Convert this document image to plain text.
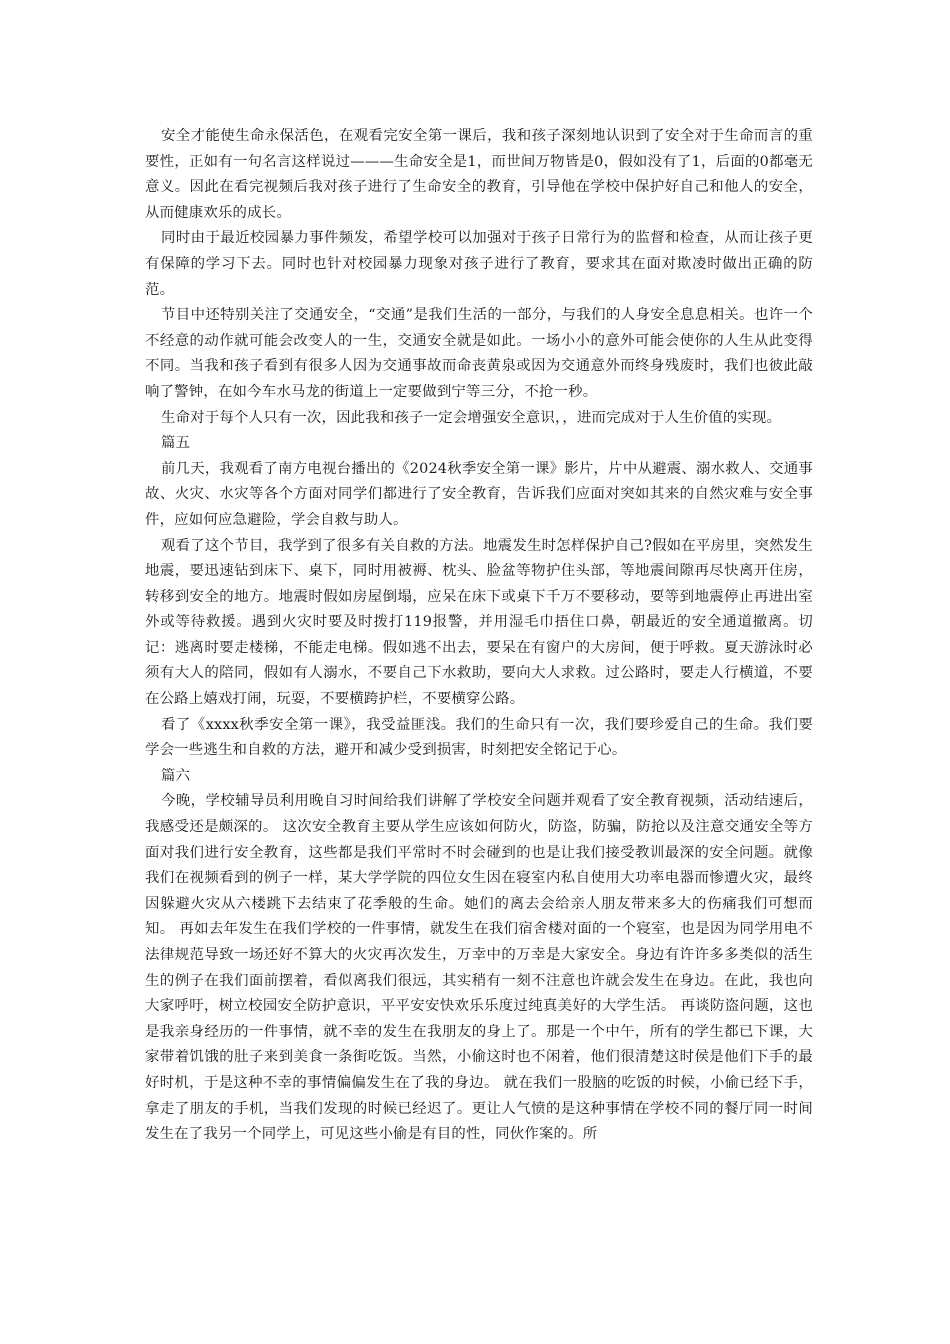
安全才能使生命永保活色，在观看完安全第一课后，我和孩子深刻地认识到了安全对于生命而言的重要性，正如有一句名言这样说过———生命安全是1，而世间万物皆是0，假如没有了1，后面的0都毫无意义。因此在看完视频后我对孩子进行了生命安全的教育，引导他在学校中保护好自己和他人的安全，从而健康欢乐的成长。

同时由于最近校园暴力事件频发，希望学校可以加强对于孩子日常行为的监督和检查，从而让孩子更有保障的学习下去。同时也针对校园暴力现象对孩子进行了教育，要求其在面对欺凌时做出正确的防范。

节目中还特别关注了交通安全，“交通”是我们生活的一部分，与我们的人身安全息息相关。也许一个不经意的动作就可能会改变人的一生，交通安全就是如此。一场小小的意外可能会使你的人生从此变得不同。当我和孩子看到有很多人因为交通事故而命丧黄泉或因为交通意外而终身残废时，我们也彼此敲响了警钟，在如今车水马龙的街道上一定要做到宁等三分，不抢一秒。

生命对于每个人只有一次，因此我和孩子一定会增强安全意识，，进而完成对于人生价值的实现。

篇五

前几天，我观看了南方电视台播出的《2024秋季安全第一课》影片，片中从避震、溺水救人、交通事故、火灾、水灾等各个方面对同学们都进行了安全教育，告诉我们应面对突如其来的自然灾难与安全事件，应如何应急避险，学会自救与助人。

观看了这个节目，我学到了很多有关自救的方法。地震发生时怎样保护自己?假如在平房里，突然发生地震，要迅速钻到床下、桌下，同时用被褥、枕头、脸盆等物护住头部，等地震间隙再尽快离开住房，转移到安全的地方。地震时假如房屋倒塌，应呆在床下或桌下千万不要移动，要等到地震停止再进出室外或等待救援。遇到火灾时要及时拨打119报警，并用湿毛巾捂住口鼻，朝最近的安全通道撤离。切记：逃离时要走楼梯，不能走电梯。假如逃不出去，要呆在有窗户的大房间，便于呼救。夏天游泳时必须有大人的陪同，假如有人溺水，不要自己下水救助，要向大人求救。过公路时，要走人行横道，不要在公路上嬉戏打闹，玩耍，不要横跨护栏，不要横穿公路。

看了《xxxx秋季安全第一课》，我受益匪浅。我们的生命只有一次，我们要珍爱自己的生命。我们要学会一些逃生和自救的方法，避开和减少受到损害，时刻把安全铭记于心。

篇六

今晚，学校辅导员利用晚自习时间给我们讲解了学校安全问题并观看了安全教育视频，活动结速后，我感受还是颇深的。 这次安全教育主要从学生应该如何防火，防盗，防骗，防抢以及注意交通安全等方面对我们进行安全教育，这些都是我们平常时不时会碰到的也是让我们接受教训最深的安全问题。就像我们在视频看到的例子一样，某大学学院的四位女生因在寝室内私自使用大功率电器而惨遭火灾，最终因躲避火灾从六楼跳下去结束了花季般的生命。她们的离去会给亲人朋友带来多大的伤痛我们可想而知。 再如去年发生在我们学校的一件事情，就发生在我们宿舍楼对面的一个寝室，也是因为同学用电不法律规范导致一场还好不算大的火灾再次发生，万幸中的万幸是大家安全。身边有许许多多类似的活生生的例子在我们面前摆着，看似离我们很远，其实稍有一刻不注意也许就会发生在身边。在此，我也向大家呼吁，树立校园安全防护意识，平平安安快欢乐乐度过纯真美好的大学生活。 再谈防盗问题，这也是我亲身经历的一件事情，就不幸的发生在我朋友的身上了。那是一个中午，所有的学生都已下课，大家带着饥饿的肚子来到美食一条街吃饭。当然，小偷这时也不闲着，他们很清楚这时侯是他们下手的最好时机，于是这种不幸的事情偏偏发生在了我的身边。 就在我们一股脑的吃饭的时候，小偷已经下手，拿走了朋友的手机，当我们发现的时候已经迟了。更让人气愤的是这种事情在学校不同的餐厅同一时间发生在了我另一个同学上，可见这些小偷是有目的性，同伙作案的。所
